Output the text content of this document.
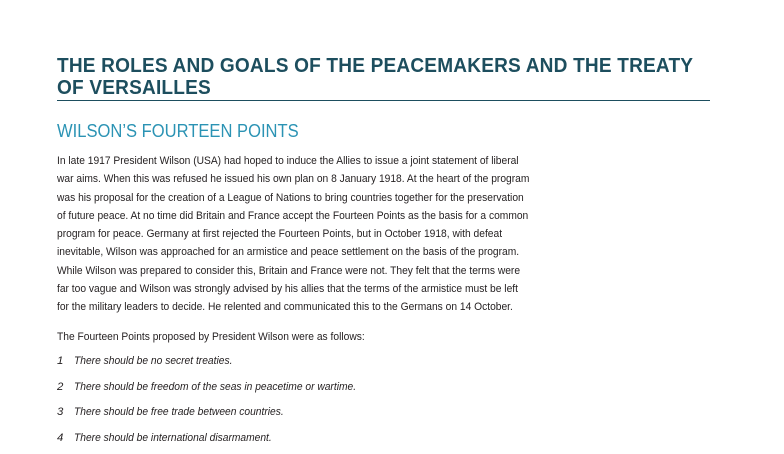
THE ROLES AND GOALS OF THE PEACEMAKERS AND THE TREATY
OF VERSAILLES
WILSON’S FOURTEEN POINTS

In late 1917 President Wilson (USA) had hoped to induce the Allies to issue a joint statement of liberal
war aims. When this was refused he issued his own plan on 8 January 1918. At the heart of the program
was his proposal for the creation of a League of Nations to bring countries together for the preservation
of future peace. At no time did Britain and France accept the Fourteen Points as the basis for a common
program for peace. Germany at first rejected the Fourteen Points, but in October 1918, with defeat
inevitable, Wilson was approached for an armistice and peace settlement on the basis of the program.
While Wilson was prepared to consider this, Britain and France were not. They felt that the terms were
far too vague and Wilson was strongly advised by his allies that the terms of the armistice must be left
for the military leaders to decide. He relented and communicated this to the Germans on 14 October.

The Fourteen Points proposed by President Wilson were as follows:

1 There should be no secret treaties.
2 There should be freedom of the seas in peacetime or wartime.
3 There should be free trade between countries.
4 There should be international disarmament.
